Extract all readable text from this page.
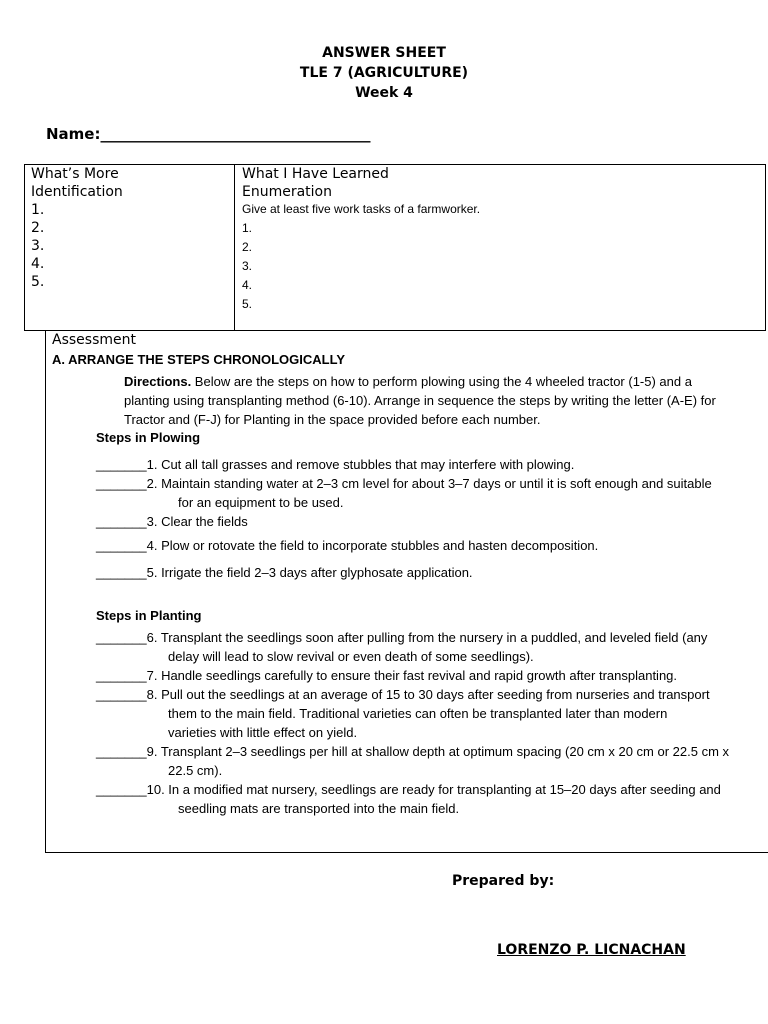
ANSWER SHEET
TLE 7 (AGRICULTURE)
Week 4
Name:____________________________________
What’s More
Identification
1.
2.
3.
4.
5.
What I Have Learned
Enumeration
Give at least five work tasks of a farmworker.
1.
2.
3.
4.
5.
Assessment
A. ARRANGE THE STEPS CHRONOLOGICALLY
Directions. Below are the steps on how to perform plowing using the 4 wheeled tractor (1-5) and a
planting using transplanting method (6-10). Arrange in sequence the steps by writing the letter (A-E) for
Tractor and (F-J) for Planting in the space provided before each number.
Steps in Plowing
_______1. Cut all tall grasses and remove stubbles that may interfere with plowing.
_______2. Maintain standing water at 2–3 cm level for about 3–7 days or until it is soft enough and suitable
for an equipment to be used.
_______3. Clear the fields
_______4. Plow or rotovate the field to incorporate stubbles and hasten decomposition.
_______5. Irrigate the field 2–3 days after glyphosate application.
Steps in Planting
_______6. Transplant the seedlings soon after pulling from the nursery in a puddled, and leveled field (any
delay will lead to slow revival or even death of some seedlings).
_______7. Handle seedlings carefully to ensure their fast revival and rapid growth after transplanting.
_______8. Pull out the seedlings at an average of 15 to 30 days after seeding from nurseries and transport
them to the main field. Traditional varieties can often be transplanted later than modern
varieties with little effect on yield.
_______9. Transplant 2–3 seedlings per hill at shallow depth at optimum spacing (20 cm x 20 cm or 22.5 cm x
22.5 cm).
_______10. In a modified mat nursery, seedlings are ready for transplanting at 15–20 days after seeding and
seedling mats are transported into the main field.
Prepared by:
LORENZO P. LICNACHAN
